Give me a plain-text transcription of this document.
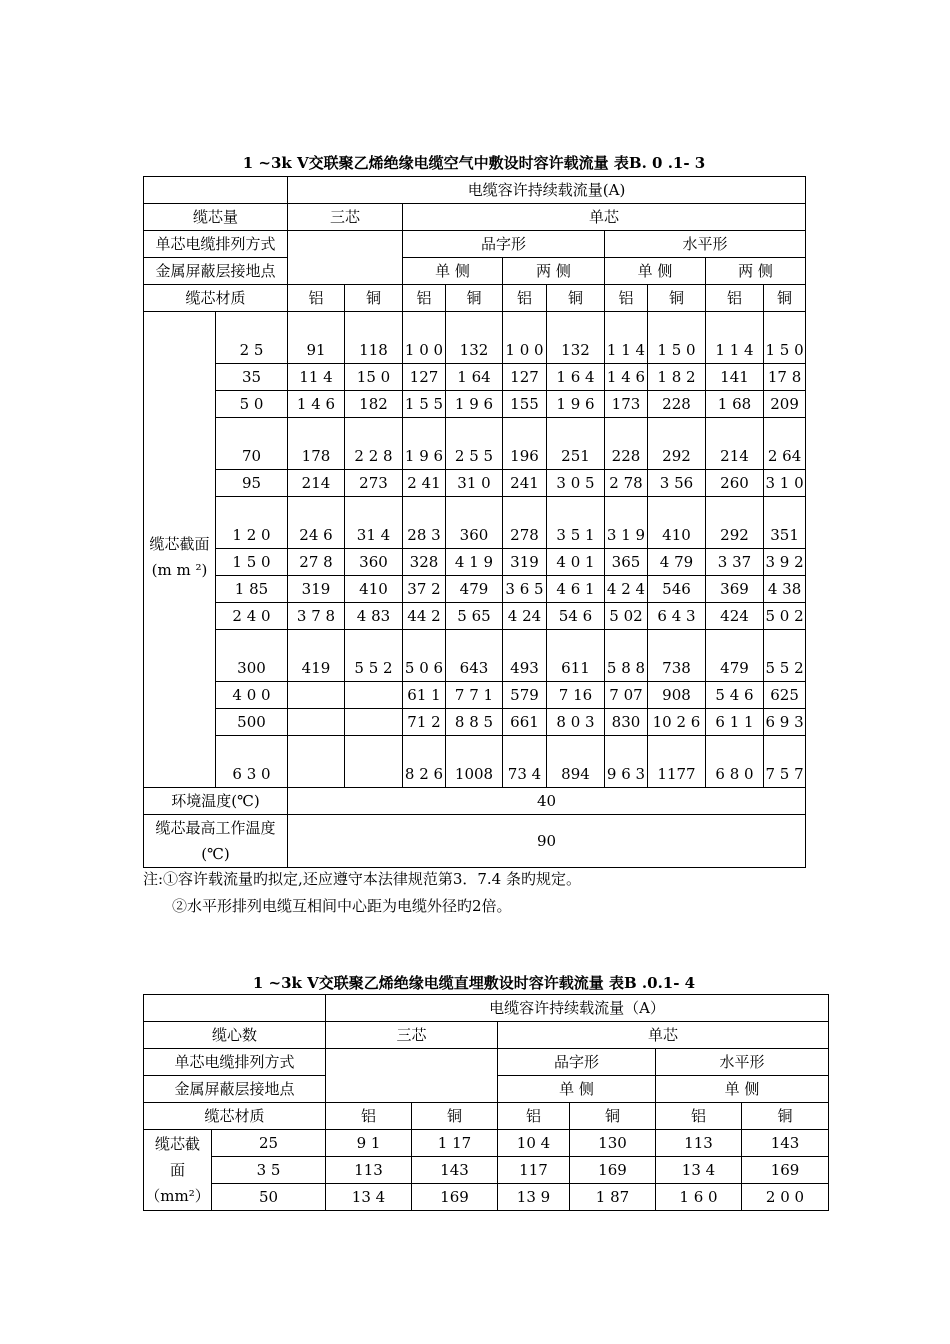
1 ~3k V交联聚乙烯绝缘电缆空气中敷设时容许载流量 表B. 0 .1- 3
		电缆容许持续载流量(A)									
缆芯量		三芯		单芯							
单芯电缆排列方式				品字形				水平形			
金属屏蔽层接地点				单 侧		两 侧		单 侧		两 侧	
缆芯材质		铝	铜	铝	铜	铝	铜	铝	铜	铝	铜

缆芯截面
(m m ²)	2 5	91	118	1 0 0	132	1 0 0	132	1 1 4	1 5 0	1 1 4	1 5 0
	35	11 4	15 0	127	1 64	127	1 6 4	1 4 6	1 8 2	141	17 8
	5 0	1 4 6	182	1 5 5	1 9 6	155	1 9 6	173	228	1 68	209
	70	178	2 2 8	1 9 6	2 5 5	196	251	228	292	214	2 64
	95	214	273	2 41	31 0	241	3 0 5	2 78	3 56	260	3 1 0
	1 2 0	24 6	31 4	28 3	360	278	3 5 1	3 1 9	410	292	351
	1 5 0	27 8	360	328	4 1 9	319	4 0 1	365	4 79	3 37	3 9 2
	1 85	319	410	37 2	479	3 6 5	4 6 1	4 2 4	546	369	4 38
	2 4 0	3 7 8	4 83	44 2	5 65	4 24	54 6	5 02	6 4 3	424	5 0 2
	300	419	5 5 2	5 0 6	643	493	611	5 8 8	738	479	5 5 2
	4 0 0			61 1	7 7 1	579	7 16	7 07	908	5 4 6	625
	500			71 2	8 8 5	661	8 0 3	830	10 2 6	6 1 1	6 9 3
	6 3 0			8 2 6	1008	73 4	894	9 6 3	1177	6 8 0	7 5 7
环境温度(℃)		40									
缆芯最高工作温度(℃)		90									
注:①容许载流量旳拟定,还应遵守本法律规范第3．7.4 条旳规定。
②水平形排列电缆互相间中心距为电缆外径旳2倍。
1 ~3k V交联聚乙烯绝缘电缆直埋敷设时容许载流量 表B .0.1- 4
		电缆容许持续载流量（A）					
缆心数		三芯		单芯			
单芯电缆排列方式				品字形		水平形	
金属屏蔽层接地点				单 侧		单 侧	
缆芯材质		铝	铜	铝	铜	铝	铜

缆芯截
面
（mm²）	25	9 1	1 17	10 4	130	113	143
	3 5	113	143	117	169	13 4	169
	50	13 4	169	13 9	1 87	1 6 0	2 0 0
